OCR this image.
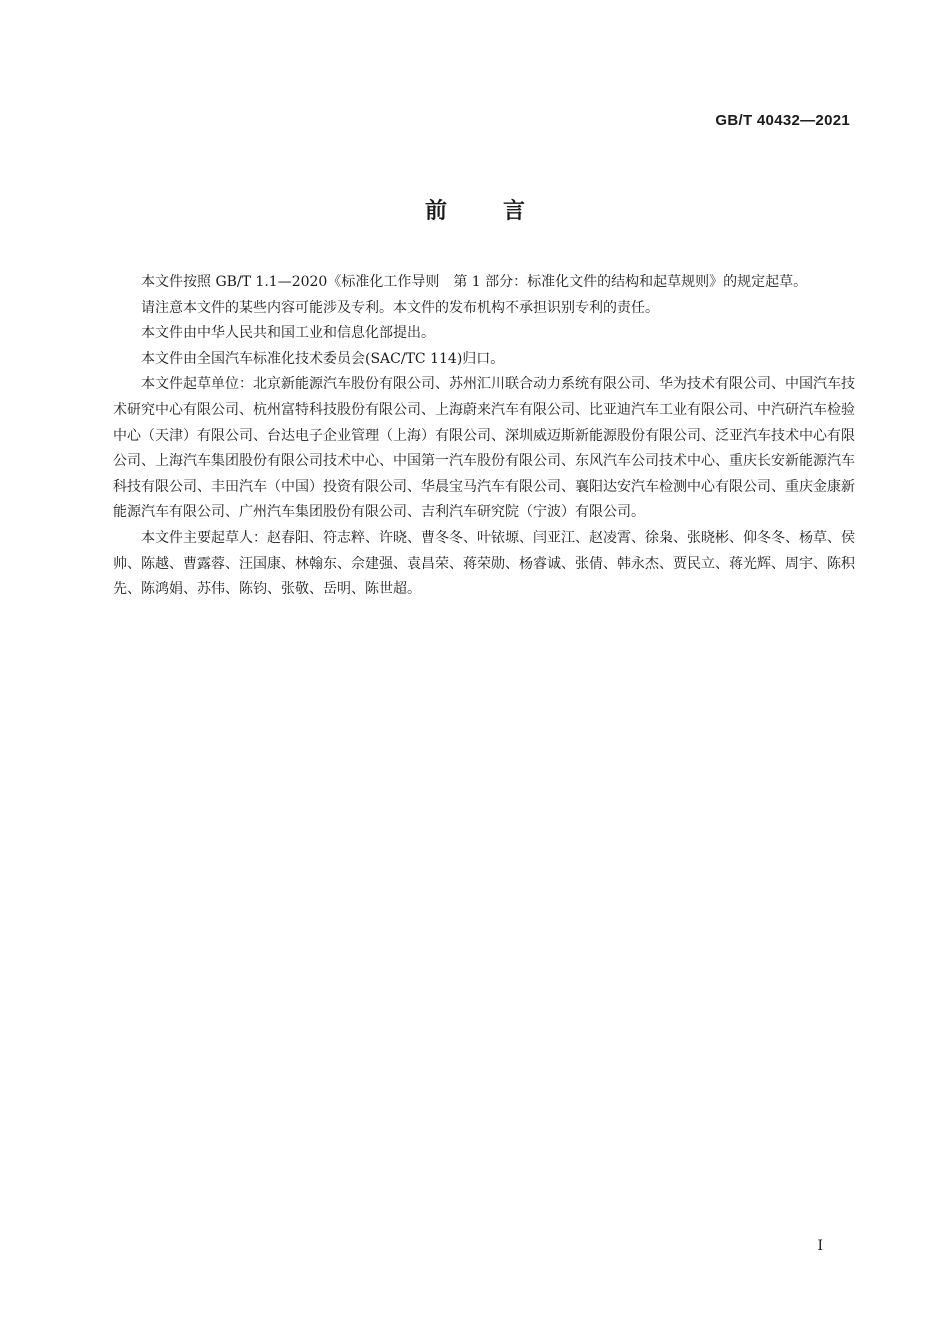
GB/T 40432—2021
前言

本文件按照 GB/T 1.1—2020《标准化工作导则　第 1 部分：标准化文件的结构和起草规则》的规定起草。

请注意本文件的某些内容可能涉及专利。本文件的发布机构不承担识别专利的责任。

本文件由中华人民共和国工业和信息化部提出。

本文件由全国汽车标准化技术委员会(SAC/TC 114)归口。

本文件起草单位：北京新能源汽车股份有限公司、苏州汇川联合动力系统有限公司、华为技术有限公司、中国汽车技术研究中心有限公司、杭州富特科技股份有限公司、上海蔚来汽车有限公司、比亚迪汽车工业有限公司、中汽研汽车检验中心（天津）有限公司、台达电子企业管理（上海）有限公司、深圳威迈斯新能源股份有限公司、泛亚汽车技术中心有限公司、上海汽车集团股份有限公司技术中心、中国第一汽车股份有限公司、东风汽车公司技术中心、重庆长安新能源汽车科技有限公司、丰田汽车（中国）投资有限公司、华晨宝马汽车有限公司、襄阳达安汽车检测中心有限公司、重庆金康新能源汽车有限公司、广州汽车集团股份有限公司、吉利汽车研究院（宁波）有限公司。

本文件主要起草人：赵春阳、符志粹、许晓、曹冬冬、叶铱塬、闫亚江、赵凌霄、徐枭、张晓彬、仰冬冬、杨草、侯帅、陈越、曹露蓉、汪国康、林翰东、佘建强、袁昌荣、蒋荣勋、杨睿诚、张倩、韩永杰、贾民立、蒋光辉、周宇、陈积先、陈鸿娟、苏伟、陈钧、张敬、岳明、陈世超。

I
